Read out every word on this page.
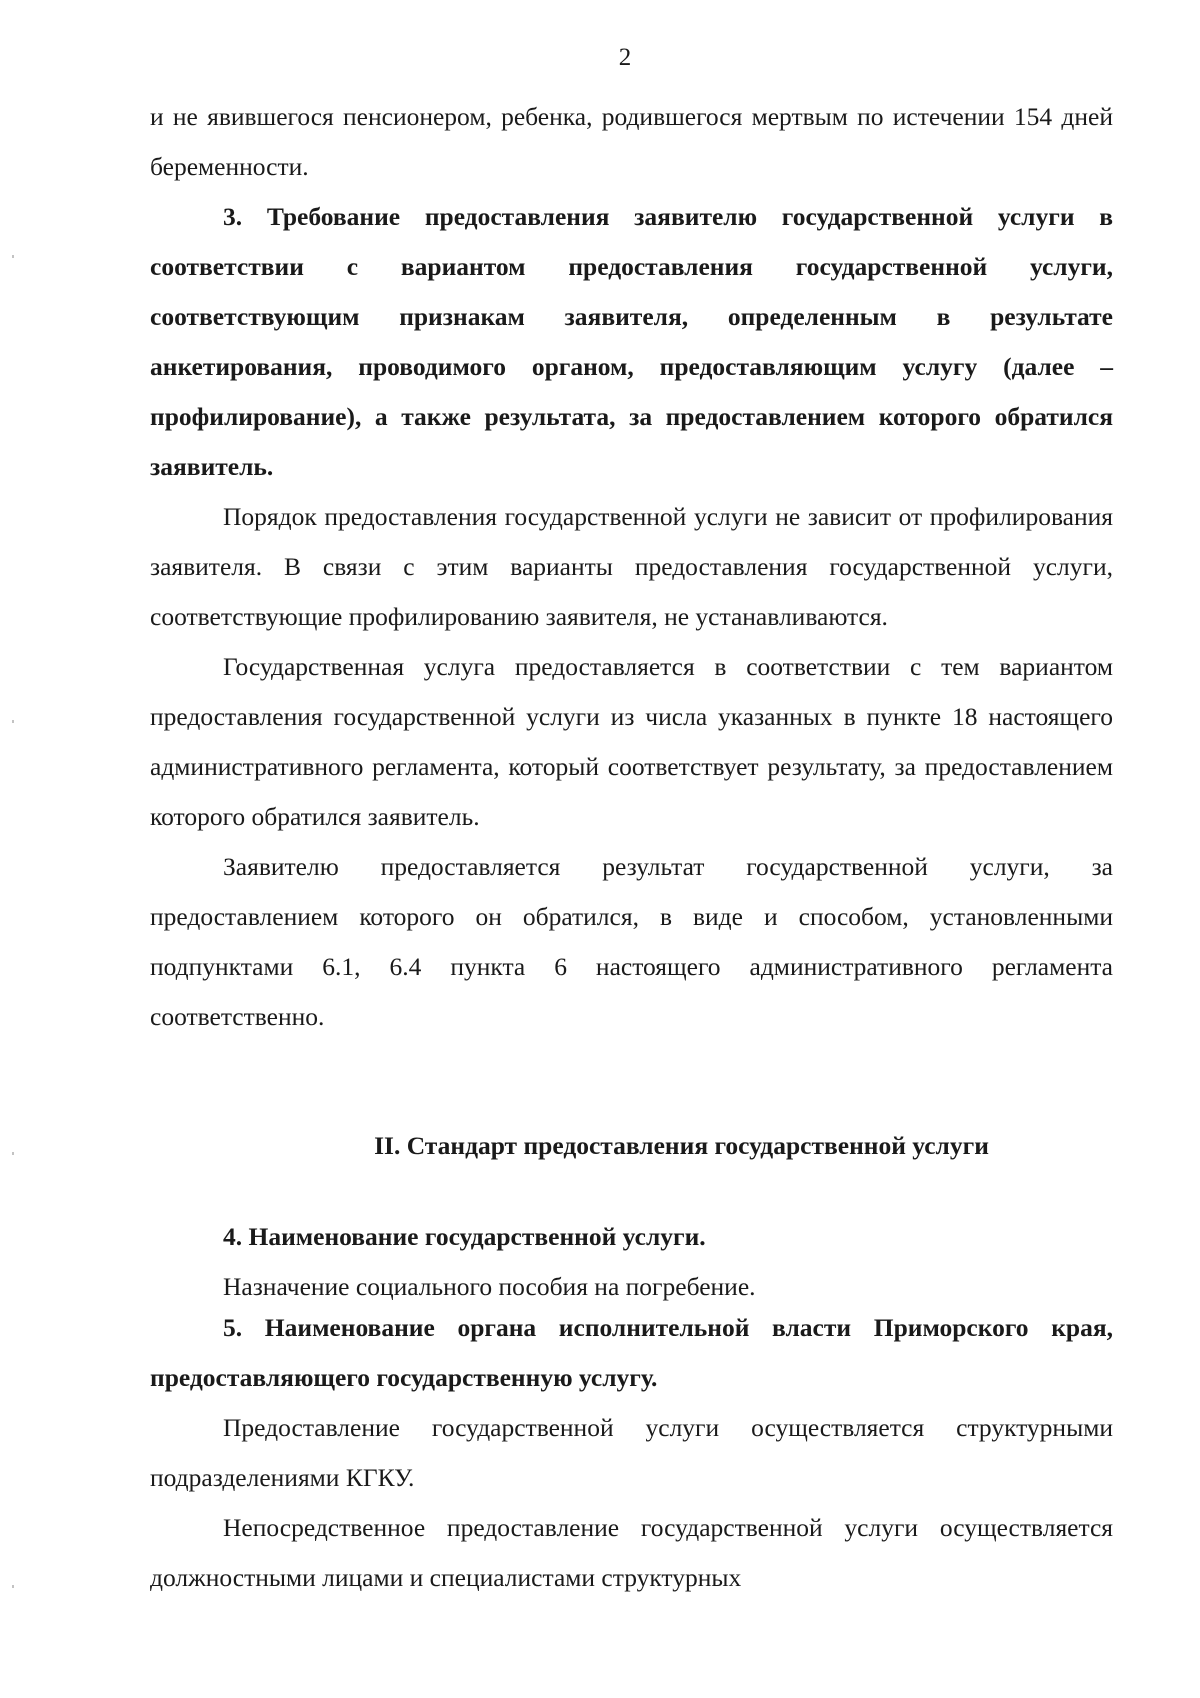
2

и не явившегося пенсионером, ребенка, родившегося мертвым по истечении 154 дней беременности.

3. Требование предоставления заявителю государственной услуги в соответствии с вариантом предоставления государственной услуги, соответствующим признакам заявителя, определенным в результате анкетирования, проводимого органом, предоставляющим услугу (далее – профилирование), а также результата, за предоставлением которого обратился заявитель.

Порядок предоставления государственной услуги не зависит от профилирования заявителя. В связи с этим варианты предоставления государственной услуги, соответствующие профилированию заявителя, не устанавливаются.

Государственная услуга предоставляется в соответствии с тем вариантом предоставления государственной услуги из числа указанных в пункте 18 настоящего административного регламента, который соответствует результату, за предоставлением которого обратился заявитель.

Заявителю предоставляется результат государственной услуги, за предоставлением которого он обратился, в виде и способом, установленными подпунктами 6.1, 6.4 пункта 6 настоящего административного регламента соответственно.

II. Стандарт предоставления государственной услуги

4. Наименование государственной услуги.

Назначение социального пособия на погребение.

5. Наименование органа исполнительной власти Приморского края, предоставляющего государственную услугу.

Предоставление государственной услуги осуществляется структурными подразделениями КГКУ.

Непосредственное предоставление государственной услуги осуществляется должностными лицами и специалистами структурных
